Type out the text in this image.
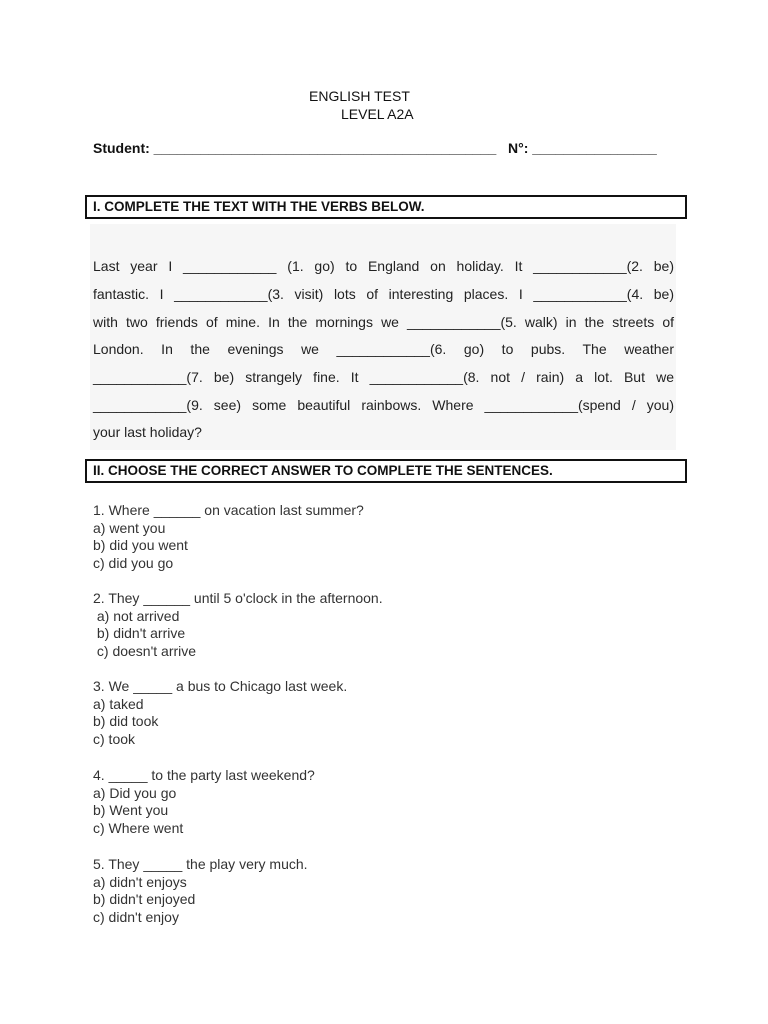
ENGLISH TEST
LEVEL A2A
Student: ____________________________________________ N°: ________________
I. COMPLETE THE TEXT WITH THE VERBS BELOW.
Last year I ____________ (1. go) to England on holiday. It ____________(2. be)
fantastic. I ____________(3. visit) lots of interesting places. I ____________(4. be)
with two friends of mine. In the mornings we ____________(5. walk) in the streets of
London. In the evenings we ____________(6. go) to pubs. The weather
____________(7. be) strangely fine. It ____________(8. not / rain) a lot. But we
____________(9. see) some beautiful rainbows. Where ____________(spend / you)
your last holiday?
II. CHOOSE THE CORRECT ANSWER TO COMPLETE THE SENTENCES.
1. Where ______ on vacation last summer?
a) went you
b) did you went
c) did you go
2. They ______ until 5 o'clock in the afternoon.
a) not arrived
b) didn't arrive
c) doesn't arrive
3. We _____ a bus to Chicago last week.
a) taked
b) did took
c) took
4. _____ to the party last weekend?
a) Did you go
b) Went you
c) Where went
5. They _____ the play very much.
a) didn't enjoys
b) didn't enjoyed
c) didn't enjoy
